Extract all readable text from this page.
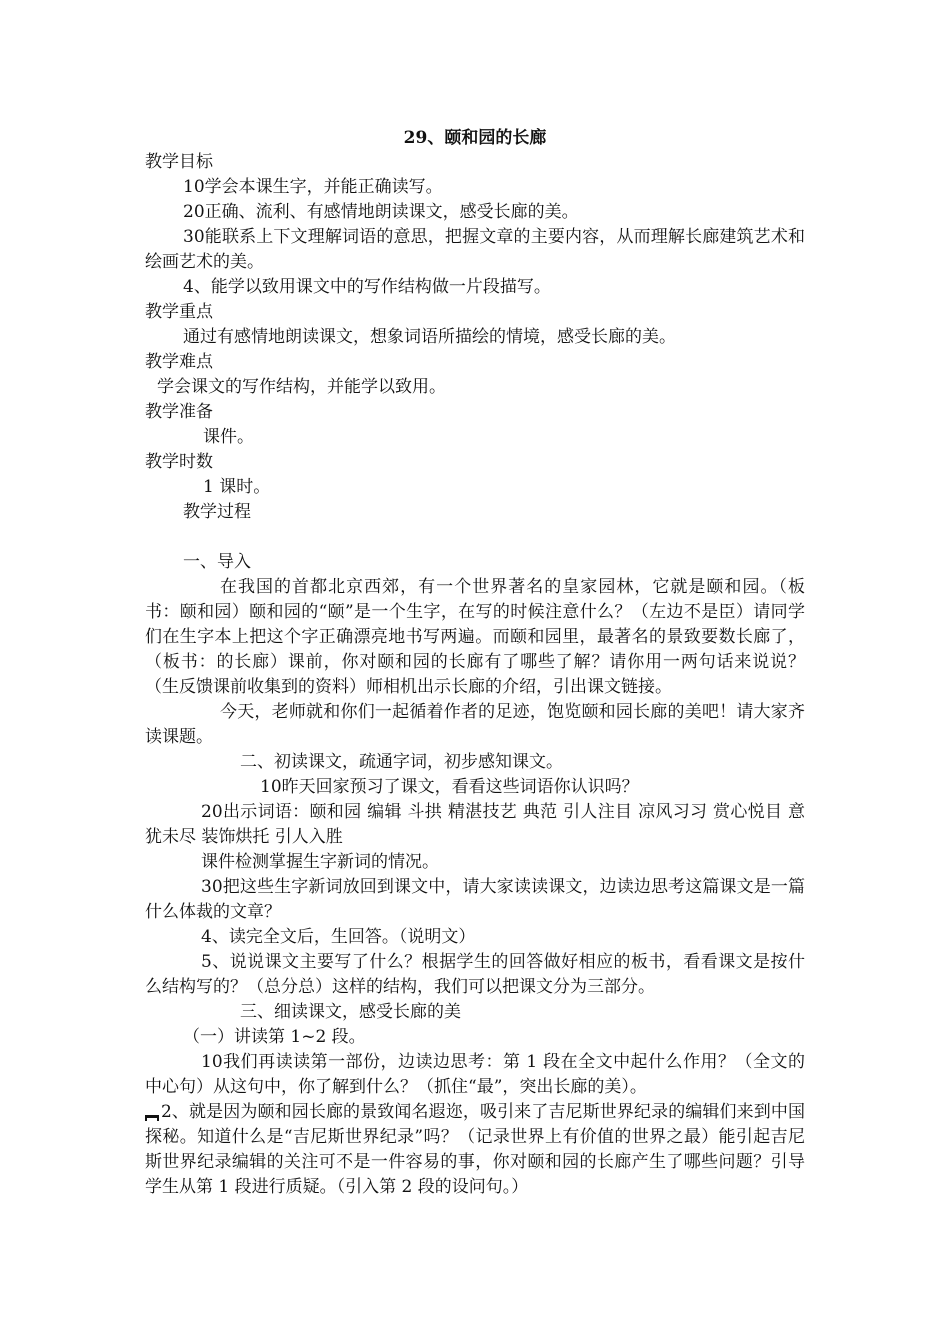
29、颐和园的长廊

教学目标

10学会本课生字，并能正确读写。

20正确、流利、有感情地朗读课文，感受长廊的美。

30能联系上下文理解词语的意思，把握文章的主要内容，从而理解长廊建筑艺术和绘画艺术的美。

4、能学以致用课文中的写作结构做一片段描写。

教学重点

通过有感情地朗读课文，想象词语所描绘的情境，感受长廊的美。

教学难点

学会课文的写作结构，并能学以致用。

教学准备

课件。

教学时数

1 课时。

教学过程

一、导入

在我国的首都北京西郊，有一个世界著名的皇家园林，它就是颐和园。（板书：颐和园）颐和园的“颐”是一个生字，在写的时候注意什么？（左边不是臣）请同学们在生字本上把这个字正确漂亮地书写两遍。而颐和园里，最著名的景致要数长廊了， （板书：的长廊）课前，你对颐和园的长廊有了哪些了解？请你用一两句话来说说？（生反馈课前收集到的资料）师相机出示长廊的介绍，引出课文链接。

今天，老师就和你们一起循着作者的足迹，饱览颐和园长廊的美吧！请大家齐读课题。

二、初读课文，疏通字词，初步感知课文。

10昨天回家预习了课文，看看这些词语你认识吗？

20出示词语：颐和园 编辑 斗拱 精湛技艺 典范 引人注目 凉风习习 赏心悦目 意犹未尽 装饰烘托 引人入胜

课件检测掌握生字新词的情况。

30把这些生字新词放回到课文中，请大家读读课文，边读边思考这篇课文是一篇什么体裁的文章？

4、读完全文后，生回答。（说明文）

5、说说课文主要写了什么？根据学生的回答做好相应的板书，看看课文是按什么结构写的？（总分总）这样的结构，我们可以把课文分为三部分。

三、细读课文，感受长廊的美

（一）讲读第 1~2 段。

10我们再读读第一部份，边读边思考：第 1 段在全文中起什么作用？（全文的中心句）从这句中，你了解到什么？（抓住“最”，突出长廊的美）。

2、就是因为颐和园长廊的景致闻名遐迩，吸引来了吉尼斯世界纪录的编辑们来到中国探秘。知道什么是“吉尼斯世界纪录”吗？（记录世界上有价值的世界之最）能引起吉尼斯世界纪录编辑的关注可不是一件容易的事，你对颐和园的长廊产生了哪些问题？引导学生从第 1 段进行质疑。（引入第 2 段的设问句。）
